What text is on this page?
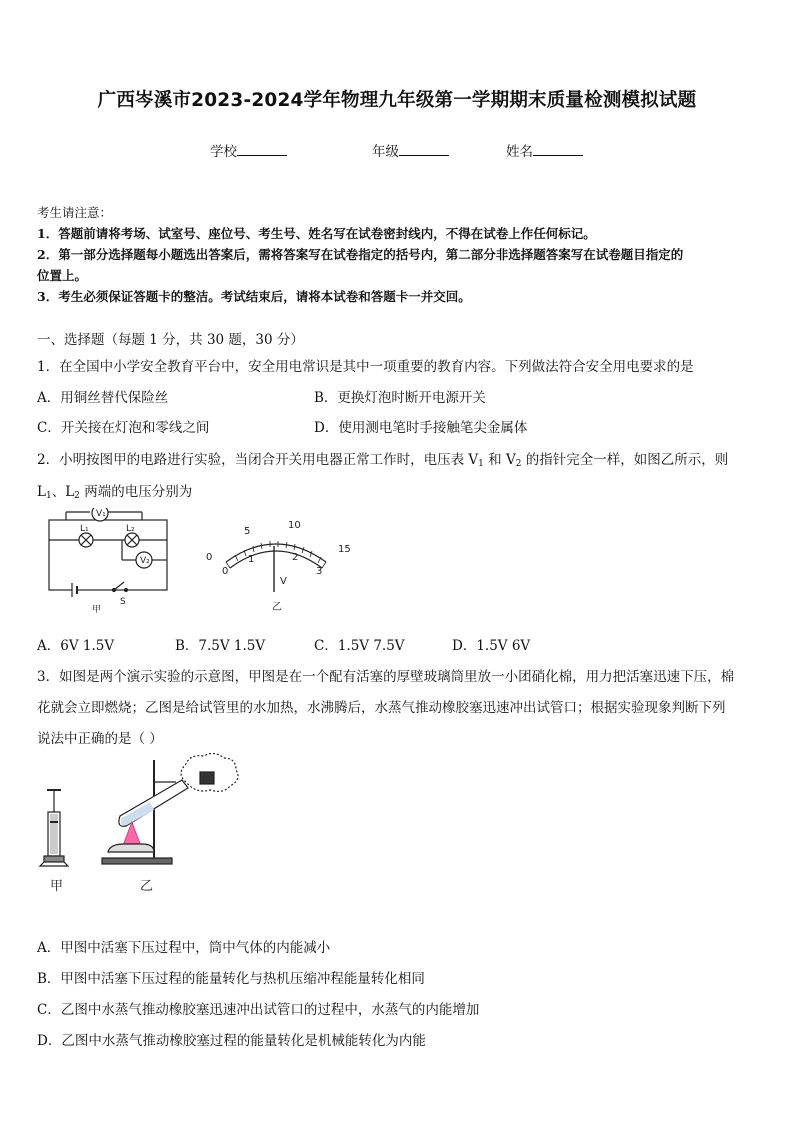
广西岑溪市2023-2024学年物理九年级第一学期期末质量检测模拟试题
学校	年级	姓名
考生请注意：
1．答题前请将考场、试室号、座位号、考生号、姓名写在试卷密封线内，不得在试卷上作任何标记。
2．第一部分选择题每小题选出答案后，需将答案写在试卷指定的括号内，第二部分非选择题答案写在试卷题目指定的
位置上。
3．考生必须保证答题卡的整洁。考试结束后，请将本试卷和答题卡一并交回。
一、选择题（每题 1 分，共 30 题，30 分）
1．在全国中小学安全教育平台中，安全用电常识是其中一项重要的教育内容。下列做法符合安全用电要求的是
A．用铜丝替代保险丝	B．更换灯泡时断开电源开关
C．开关接在灯泡和零线之间	D．使用测电笔时手接触笔尖金属体
2．小明按图甲的电路进行实验，当闭合开关用电器正常工作时，电压表 $V_1$ 和 $V_2$ 的指针完全一样，如图乙所示，则
$L_1$、$L_2$ 两端的电压分别为
V₁
L₁	L₂
V₂
S
甲
0
5
10
15
0
1	2
3
V
乙
A．6V 1.5V	B．7.5V 1.5V	C．1.5V 7.5V	D．1.5V 6V
3．如图是两个演示实验的示意图，甲图是在一个配有活塞的厚壁玻璃筒里放一小团硝化棉，用力把活塞迅速下压，棉
花就会立即燃烧；乙图是给试管里的水加热，水沸腾后，水蒸气推动橡胶塞迅速冲出试管口；根据实验现象判断下列
说法中正确的是（ ）
甲	乙
A．甲图中活塞下压过程中，筒中气体的内能减小
B．甲图中活塞下压过程的能量转化与热机压缩冲程能量转化相同
C．乙图中水蒸气推动橡胶塞迅速冲出试管口的过程中，水蒸气的内能增加
D．乙图中水蒸气推动橡胶塞过程的能量转化是机械能转化为内能
